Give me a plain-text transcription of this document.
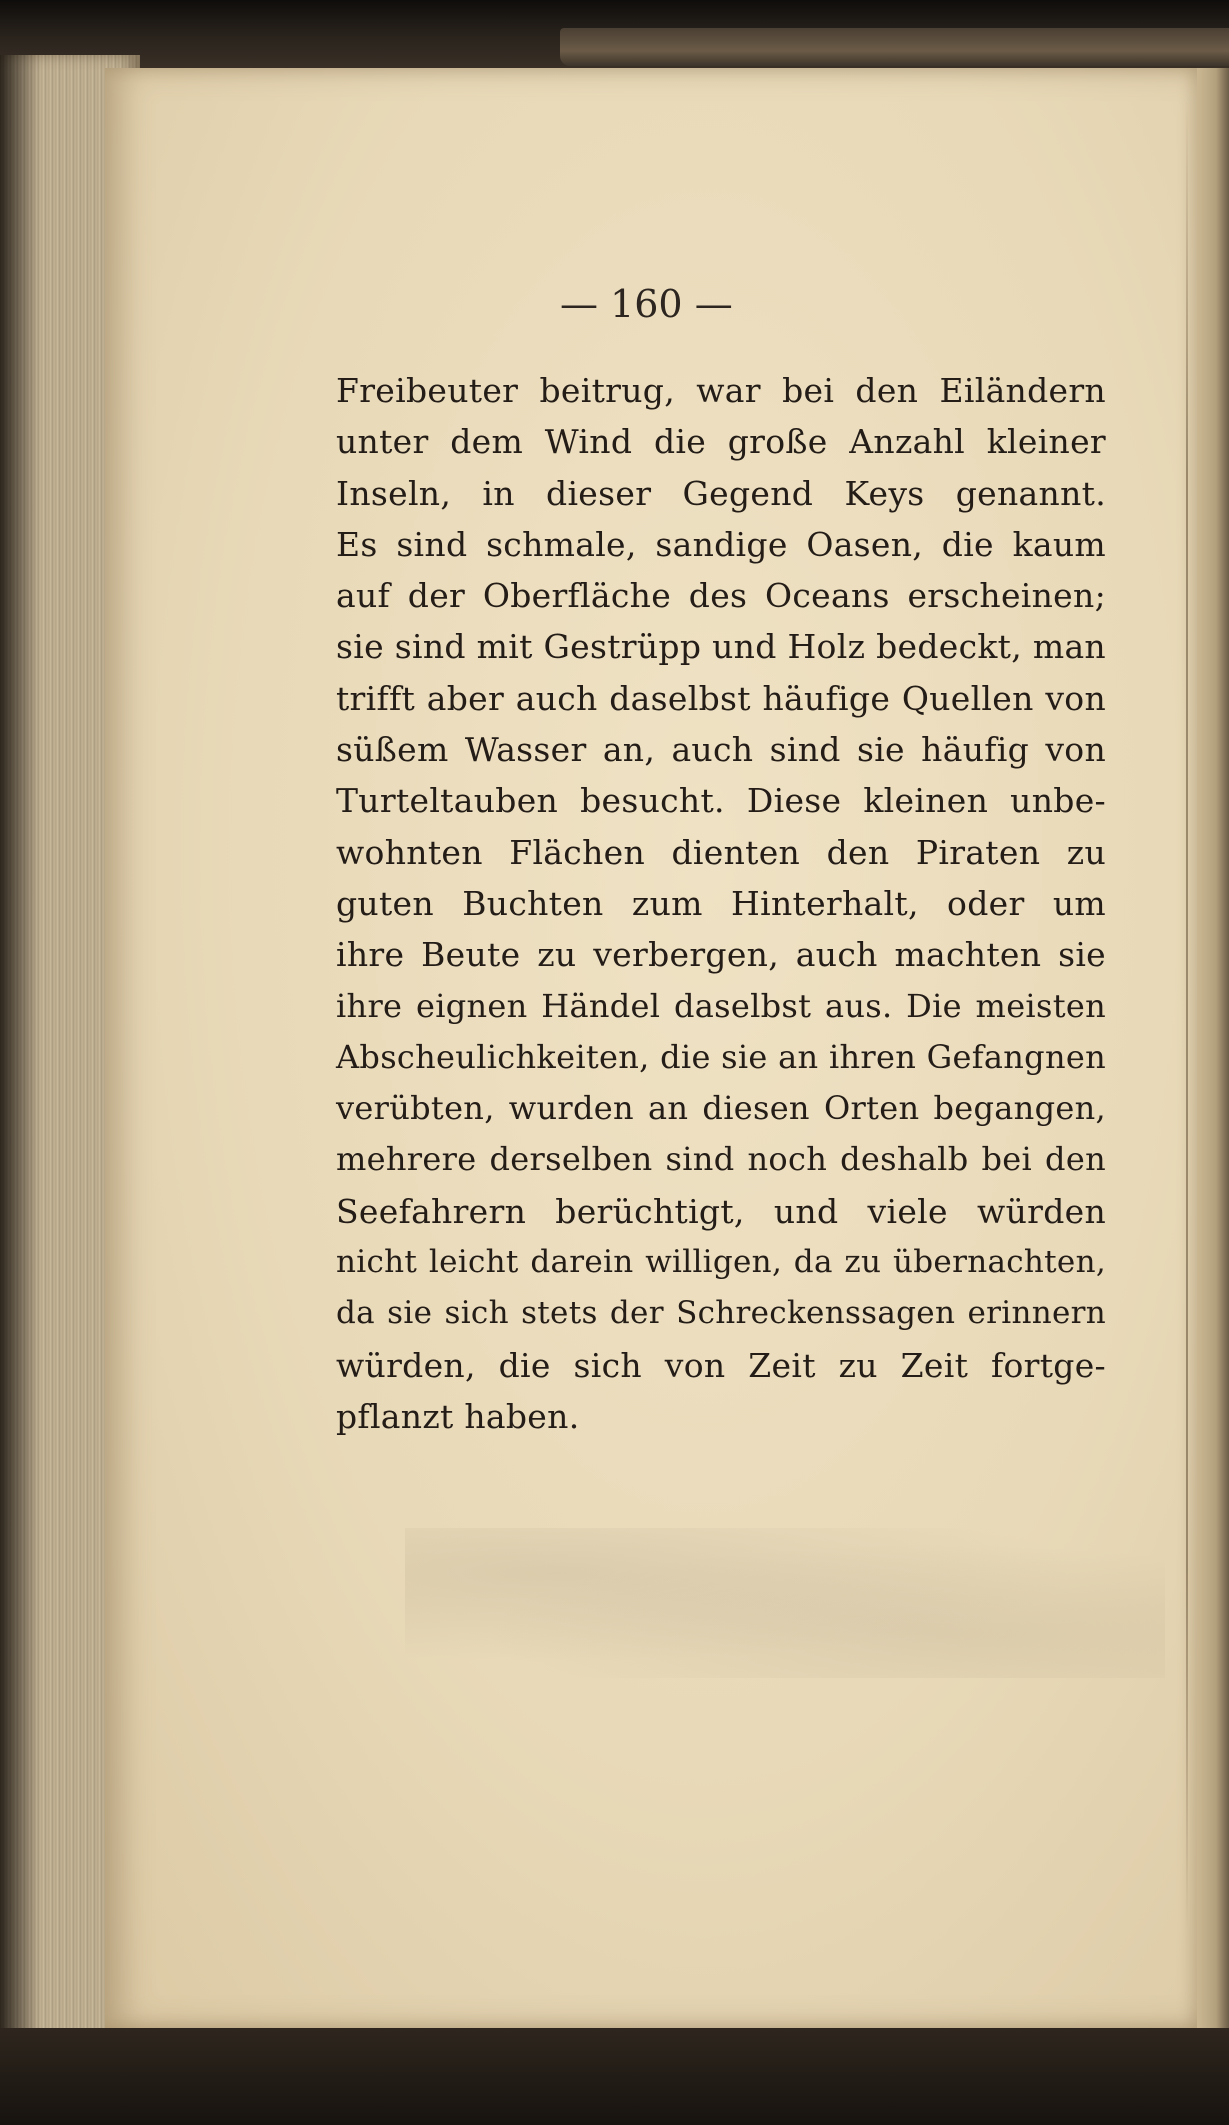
— 160 —
Freibeuter beitrug, war bei den Eiländern
unter dem Wind die große Anzahl kleiner
Inseln, in dieser Gegend Keys genannt.
Es sind schmale, sandige Oasen, die kaum
auf der Oberfläche des Oceans erscheinen;
sie sind mit Gestrüpp und Holz bedeckt, man
trifft aber auch daselbst häufige Quellen von
süßem Wasser an, auch sind sie häufig von
Turteltauben besucht. Diese kleinen unbe-
wohnten Flächen dienten den Piraten zu
guten Buchten zum Hinterhalt, oder um
ihre Beute zu verbergen, auch machten sie
ihre eignen Händel daselbst aus. Die meisten
Abscheulichkeiten, die sie an ihren Gefangnen
verübten, wurden an diesen Orten begangen,
mehrere derselben sind noch deshalb bei den
Seefahrern berüchtigt, und viele würden
nicht leicht darein willigen, da zu übernachten,
da sie sich stets der Schreckenssagen erinnern
würden, die sich von Zeit zu Zeit fortge-
pflanzt haben.
